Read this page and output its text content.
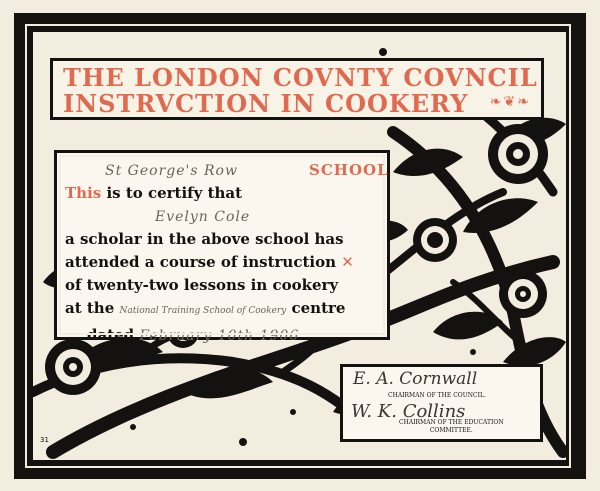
THE LONDON COVNTY COVNCIL
INSTRVCTION IN COOKERY	❧❦❧
St George's Row	SCHOOL
This is to certify that
Evelyn Cole
a scholar in the above school has
attended a course of instruction ✕
of twenty-two lessons in cookery
at the National Training School of Cookery centre
dated February 10th 1906
E. A. Cornwall
CHAIRMAN OF THE COUNCIL.
W. K. Collins
CHAIRMAN OF THE EDUCATION
COMMITTEE.
31
